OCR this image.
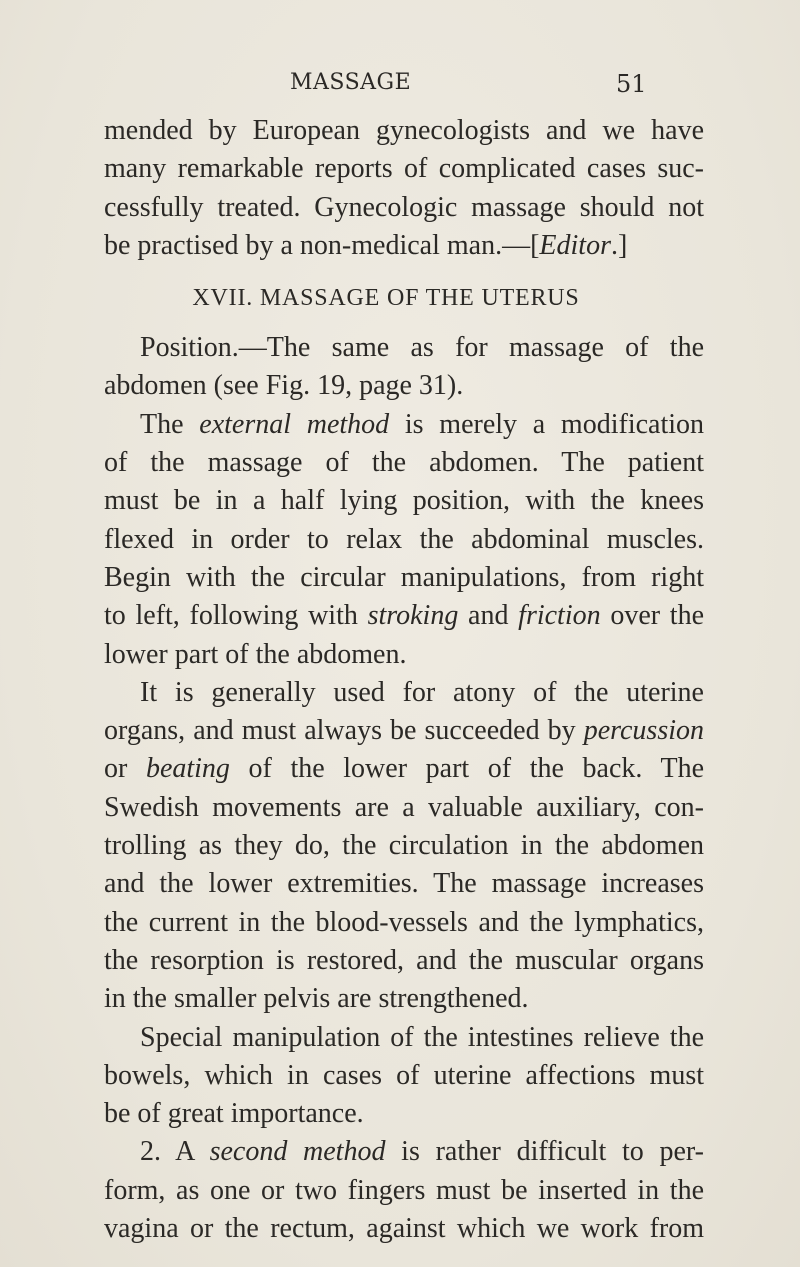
MASSAGE	51
mended by European gynecologists and we have
many remarkable reports of complicated cases suc-
cessfully treated. Gynecologic massage should not
be practised by a non-medical man.—[Editor.]
XVII. MASSAGE OF THE UTERUS
Position.—The same as for massage of the
abdomen (see Fig. 19, page 31).
The external method is merely a modification
of the massage of the abdomen. The patient
must be in a half lying position, with the knees
flexed in order to relax the abdominal muscles.
Begin with the circular manipulations, from right
to left, following with stroking and friction over the
lower part of the abdomen.
It is generally used for atony of the uterine
organs, and must always be succeeded by percussion
or beating of the lower part of the back. The
Swedish movements are a valuable auxiliary, con-
trolling as they do, the circulation in the abdomen
and the lower extremities. The massage increases
the current in the blood-vessels and the lymphatics,
the resorption is restored, and the muscular organs
in the smaller pelvis are strengthened.
Special manipulation of the intestines relieve the
bowels, which in cases of uterine affections must
be of great importance.
2. A second method is rather difficult to per-
form, as one or two fingers must be inserted in the
vagina or the rectum, against which we work from
